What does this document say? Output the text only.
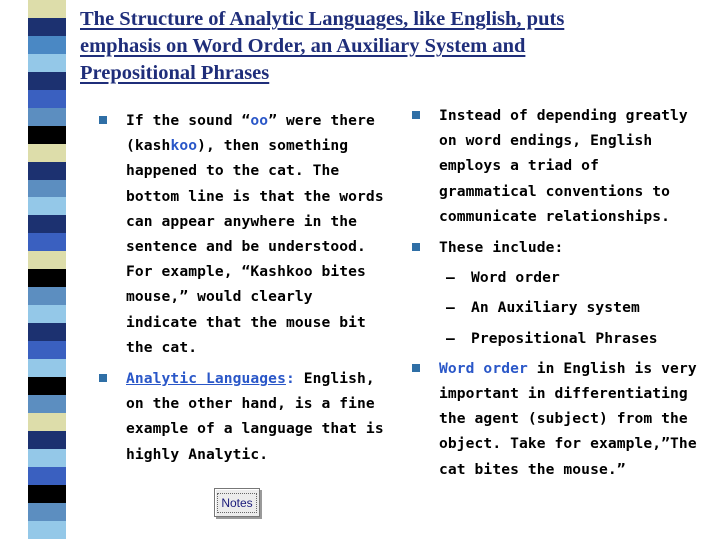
The Structure of Analytic Languages, like English, puts
emphasis on Word Order, an Auxiliary System and
Prepositional Phrases
If the sound “oo” were there (kashkoo), then something happened to the cat. The bottom line is that the words can appear anywhere in the sentence and be understood. For example, “Kashkoo bites mouse,” would clearly indicate that the mouse bit the cat.
Analytic Languages: English, on the other hand, is a fine example of a language that is highly Analytic.
Instead of depending greatly on word endings, English employs a triad of grammatical conventions to communicate relationships.
These include:
– Word order
– An Auxiliary system
– Prepositional Phrases
Word order in English is very important in differentiating the agent (subject) from the object. Take for example,”The cat bites the mouse.”
Notes
